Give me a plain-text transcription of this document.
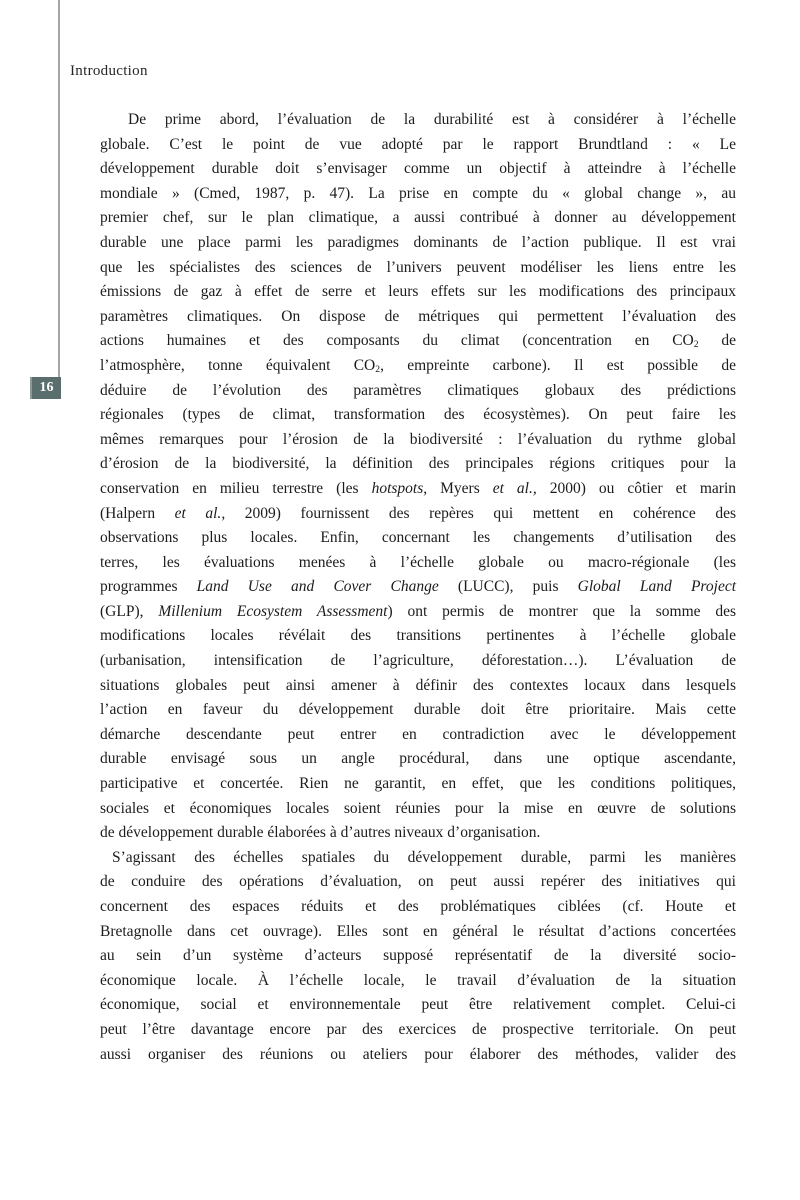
Introduction
16
De prime abord, l’évaluation de la durabilité est à considérer à l’échelle
globale. C’est le point de vue adopté par le rapport Brundtland : « Le
développement durable doit s’envisager comme un objectif à atteindre à l’échelle
mondiale » (Cmed, 1987, p. 47). La prise en compte du « global change », au
premier chef, sur le plan climatique, a aussi contribué à donner au développement
durable une place parmi les paradigmes dominants de l’action publique. Il est vrai
que les spécialistes des sciences de l’univers peuvent modéliser les liens entre les
émissions de gaz à effet de serre et leurs effets sur les modifications des principaux
paramètres climatiques. On dispose de métriques qui permettent l’évaluation des
actions humaines et des composants du climat (concentration en CO2 de
l’atmosphère, tonne équivalent CO2, empreinte carbone). Il est possible de
déduire de l’évolution des paramètres climatiques globaux des prédictions
régionales (types de climat, transformation des écosystèmes). On peut faire les
mêmes remarques pour l’érosion de la biodiversité : l’évaluation du rythme global
d’érosion de la biodiversité, la définition des principales régions critiques pour la
conservation en milieu terrestre (les hotspots, Myers et al., 2000) ou côtier et marin
(Halpern et al., 2009) fournissent des repères qui mettent en cohérence des
observations plus locales. Enfin, concernant les changements d’utilisation des
terres, les évaluations menées à l’échelle globale ou macro-régionale (les
programmes Land Use and Cover Change (LUCC), puis Global Land Project
(GLP), Millenium Ecosystem Assessment) ont permis de montrer que la somme des
modifications locales révélait des transitions pertinentes à l’échelle globale
(urbanisation, intensification de l’agriculture, déforestation…). L’évaluation de
situations globales peut ainsi amener à définir des contextes locaux dans lesquels
l’action en faveur du développement durable doit être prioritaire. Mais cette
démarche descendante peut entrer en contradiction avec le développement
durable envisagé sous un angle procédural, dans une optique ascendante,
participative et concertée. Rien ne garantit, en effet, que les conditions politiques,
sociales et économiques locales soient réunies pour la mise en œuvre de solutions
de développement durable élaborées à d’autres niveaux d’organisation.
S’agissant des échelles spatiales du développement durable, parmi les manières
de conduire des opérations d’évaluation, on peut aussi repérer des initiatives qui
concernent des espaces réduits et des problématiques ciblées (cf. Houte et
Bretagnolle dans cet ouvrage). Elles sont en général le résultat d’actions concertées
au sein d’un système d’acteurs supposé représentatif de la diversité socio-
économique locale. À l’échelle locale, le travail d’évaluation de la situation
économique, social et environnementale peut être relativement complet. Celui-ci
peut l’être davantage encore par des exercices de prospective territoriale. On peut
aussi organiser des réunions ou ateliers pour élaborer des méthodes, valider des
